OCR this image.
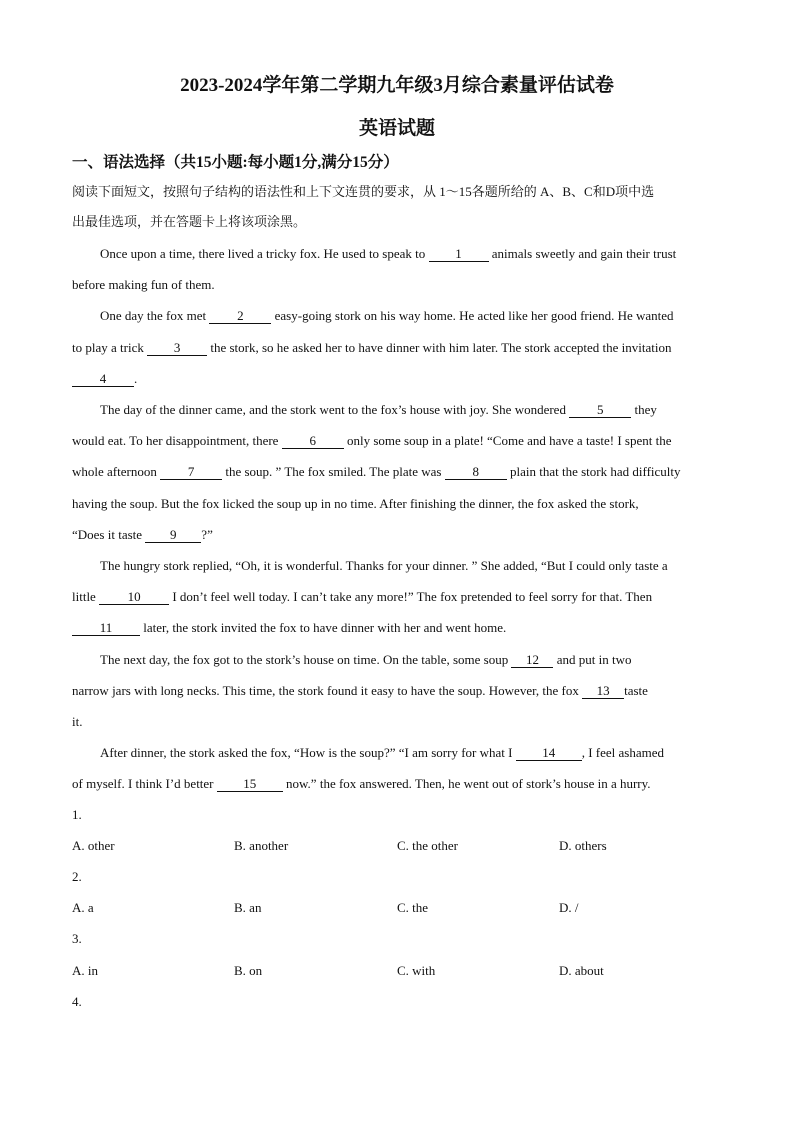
2023-2024学年第二学期九年级3月综合素量评估试卷
英语试题
一、语法选择（共15小题:每小题1分,满分15分）
阅读下面短文，按照句子结构的语法性和上下文连贯的要求，从 1～15各题所给的 A、B、C和D项中选
出最佳选项，并在答题卡上将该项涂黑。
Once upon a time, there lived a tricky fox. He used to speak to 1 animals sweetly and gain their trust
before making fun of them.
One day the fox met 2 easy-going stork on his way home. He acted like her good friend. He wanted
to play a trick 3 the stork, so he asked her to have dinner with him later. The stork accepted the invitation
4 .
The day of the dinner came, and the stork went to the fox’s house with joy. She wondered 5 they
would eat. To her disappointment, there 6 only some soup in a plate! “Come and have a taste! I spent the
whole afternoon 7 the soup. ” The fox smiled. The plate was 8 plain that the stork had difficulty
having the soup. But the fox licked the soup up in no time. After finishing the dinner, the fox asked the stork,
“Does it taste 9 ?”
The hungry stork replied, “Oh, it is wonderful. Thanks for your dinner. ” She added, “But I could only taste a
little 10 I don’t feel well today. I can’t take any more!” The fox pretended to feel sorry for that. Then
11 later, the stork invited the fox to have dinner with her and went home.
The next day, the fox got to the stork’s house on time. On the table, some soup 12 and put in two
narrow jars with long necks. This time, the stork found it easy to have the soup. However, the fox 13 taste
it.
After dinner, the stork asked the fox, “How is the soup?” “I am sorry for what I 14 , I feel ashamed
of myself. I think I’d better 15 now.” the fox answered. Then, he went out of stork’s house in a hurry.
1.
A. other	B. another	C. the other	D. others
2.
A. a	B. an	C. the	D. /
3.
A. in	B. on	C. with	D. about
4.
